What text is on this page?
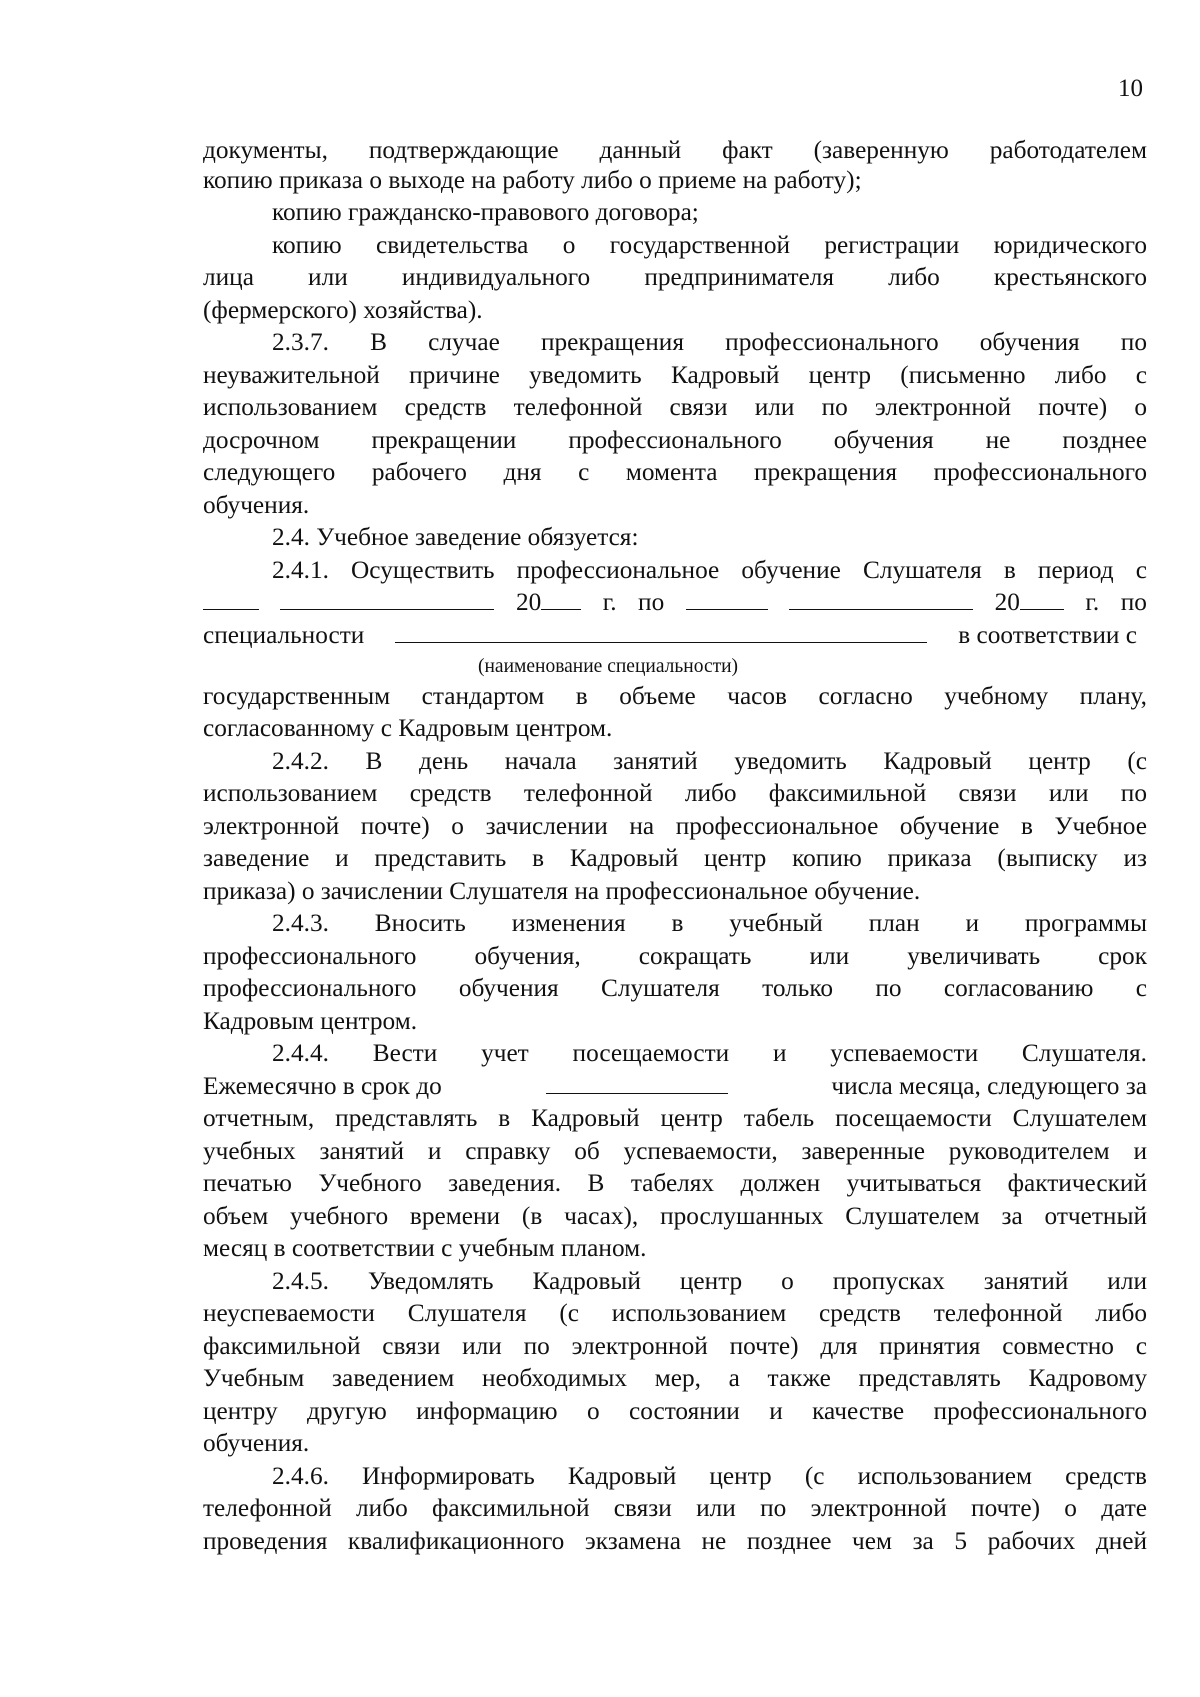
10
документы, подтверждающие данный факт (заверенную работодателем
копию приказа о выходе на работу либо о приеме на работу);
копию гражданско-правового договора;
копию свидетельства о государственной регистрации юридического
лица или индивидуального предпринимателя либо крестьянского
(фермерского) хозяйства).
2.3.7. В случае прекращения профессионального обучения по
неуважительной причине уведомить Кадровый центр (письменно либо с
использованием средств телефонной связи или по электронной почте) о
досрочном прекращении профессионального обучения не позднее
следующего рабочего дня с момента прекращения профессионального
обучения.
2.4. Учебное заведение обязуется:
2.4.1. Осуществить профессиональное обучение Слушателя в период с
20	г. по	20	г. по
специальности	в соответствии с
(наименование специальности)
государственным стандартом в объеме часов согласно учебному плану,
согласованному с Кадровым центром.
2.4.2. В день начала занятий уведомить Кадровый центр (с
использованием средств телефонной либо факсимильной связи или по
электронной почте) о зачислении на профессиональное обучение в Учебное
заведение и представить в Кадровый центр копию приказа (выписку из
приказа) о зачислении Слушателя на профессиональное обучение.
2.4.3. Вносить изменения в учебный план и программы
профессионального обучения, сокращать или увеличивать срок
профессионального обучения Слушателя только по согласованию с
Кадровым центром.
2.4.4. Вести учет посещаемости и успеваемости Слушателя.
Ежемесячно в срок до	числа месяца, следующего за
отчетным, представлять в Кадровый центр табель посещаемости Слушателем
учебных занятий и справку об успеваемости, заверенные руководителем и
печатью Учебного заведения. В табелях должен учитываться фактический
объем учебного времени (в часах), прослушанных Слушателем за отчетный
месяц в соответствии с учебным планом.
2.4.5. Уведомлять Кадровый центр о пропусках занятий или
неуспеваемости Слушателя (с использованием средств телефонной либо
факсимильной связи или по электронной почте) для принятия совместно с
Учебным заведением необходимых мер, а также представлять Кадровому
центру другую информацию о состоянии и качестве профессионального
обучения.
2.4.6. Информировать Кадровый центр (с использованием средств
телефонной либо факсимильной связи или по электронной почте) о дате
проведения квалификационного экзамена не позднее чем за 5 рабочих дней
